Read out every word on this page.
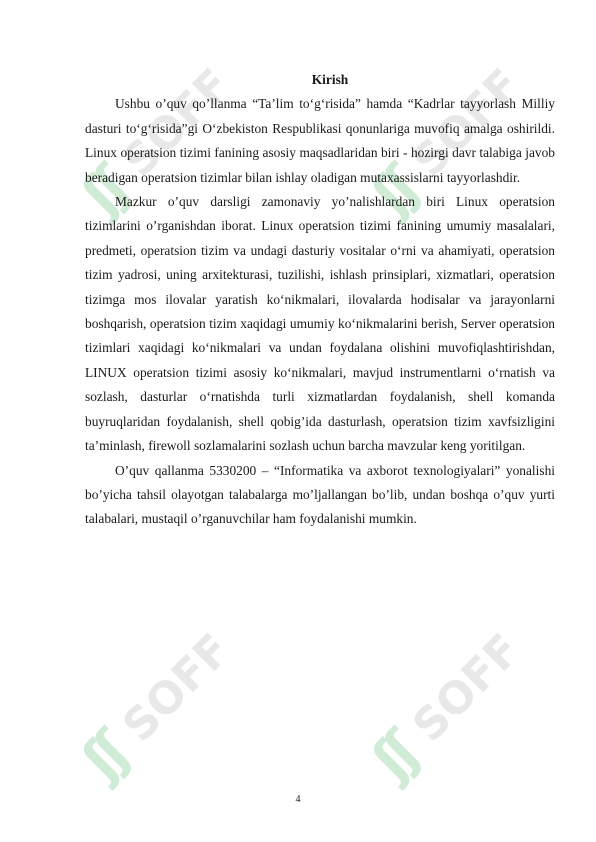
ʃʃ
SOFF
ʃʃ
SOFF
ʃʃ
SOFF
ʃʃ
SOFF

Kirish

Ushbu o’quv qo’llanma “Ta’lim to‘g‘risida” hamda “Kadrlar tayyorlash Milliy dasturi to‘g‘risida”gi O‘zbekiston Respublikasi qonunlariga muvofiq amalga oshirildi. Linux operatsion tizimi fanining asosiy maqsadlaridan biri - hozirgi davr talabiga javob beradigan operatsion tizimlar bilan ishlay oladigan mutaxassislarni tayyorlashdir.

Mazkur o’quv darsligi zamonaviy yo’nalishlardan biri Linux operatsion tizimlarini o’rganishdan iborat. Linux operatsion tizimi fanining umumiy masalalari, predmeti, operatsion tizim va undagi dasturiy vositalar o‘rni va ahamiyati, operatsion tizim yadrosi, uning arxitekturasi, tuzilishi, ishlash prinsiplari, xizmatlari, operatsion tizimga mos ilovalar yaratish ko‘nikmalari, ilovalarda hodisalar va jarayonlarni boshqarish, operatsion tizim xaqidagi umumiy ko‘nikmalarini berish, Server operatsion tizimlari xaqidagi ko‘nikmalari va undan foydalana olishini muvofiqlashtirishdan, LINUX operatsion tizimi asosiy ko‘nikmalari, mavjud instrumentlarni o‘rnatish va sozlash, dasturlar o‘rnatishda turli xizmatlardan foydalanish, shell komanda buyruqlaridan foydalanish, shell qobig’ida dasturlash, operatsion tizim xavfsizligini ta’minlash, firewoll sozlamalarini sozlash uchun barcha mavzular keng yoritilgan.

O’quv qallanma 5330200 – “Informatika va axborot texnologiyalari” yonalishi bo’yicha tahsil olayotgan talabalarga mo’ljallangan bo’lib, undan boshqa o’quv yurti talabalari, mustaqil o’rganuvchilar ham foydalanishi mumkin.

4
